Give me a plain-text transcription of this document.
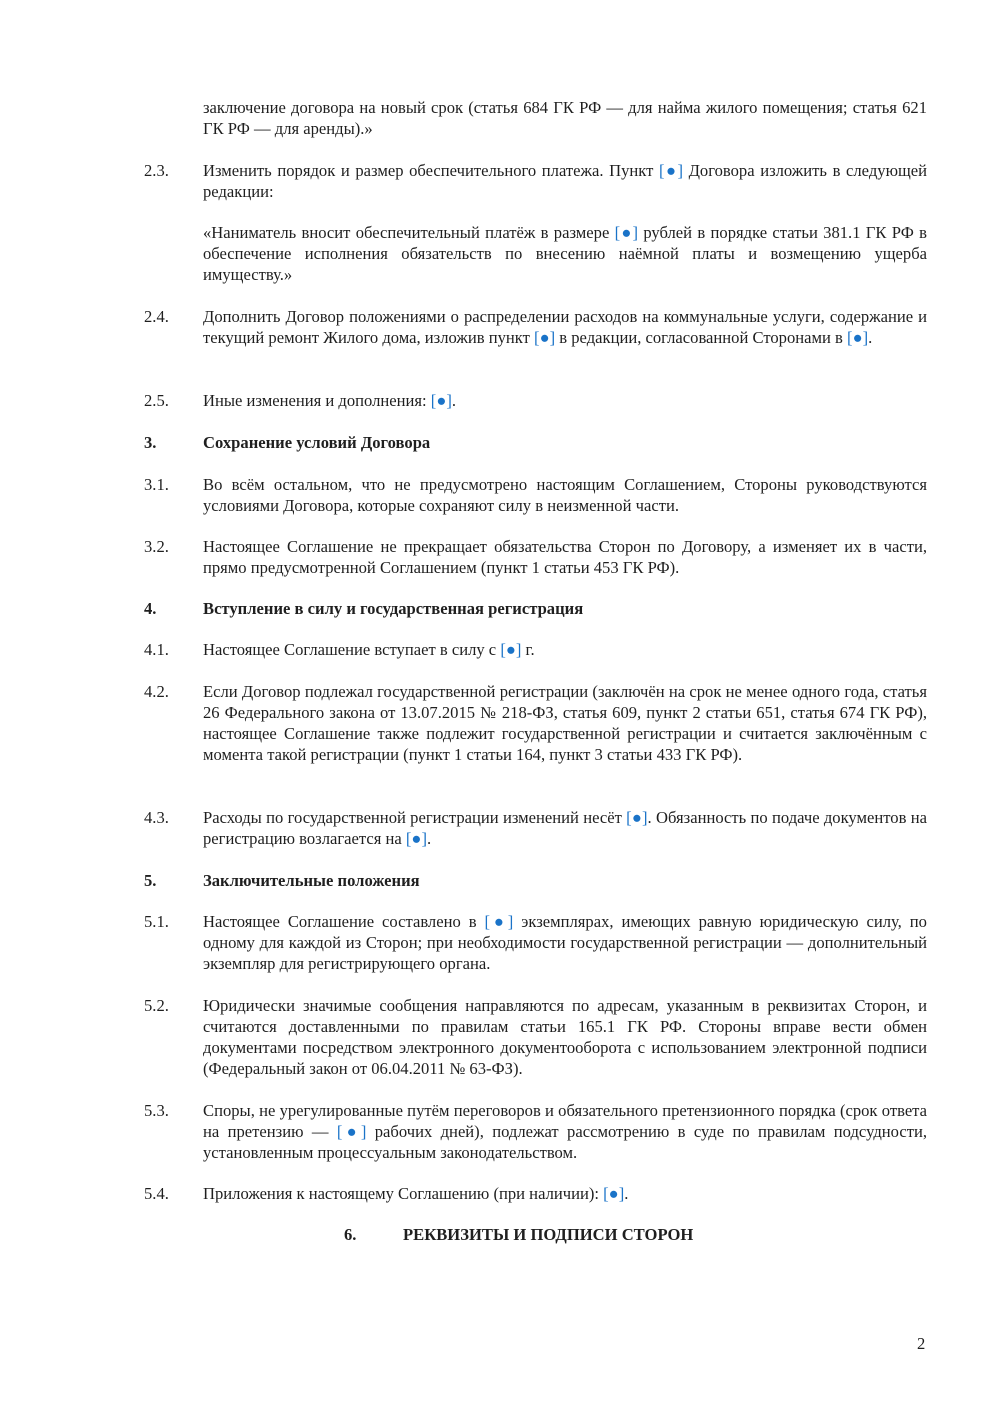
заключение договора на новый срок (статья 684 ГК РФ — для найма жилого помещения; статья 621 ГК РФ — для аренды).»
2.3. Изменить порядок и размер обеспечительного платежа. Пункт [●] Договора изложить в следующей редакции:
«Наниматель вносит обеспечительный платёж в размере [●] рублей в порядке статьи 381.1 ГК РФ в обеспечение исполнения обязательств по внесению наёмной платы и возмещению ущерба имуществу.»
2.4. Дополнить Договор положениями о распределении расходов на коммунальные услуги, содержание и текущий ремонт Жилого дома, изложив пункт [●] в редакции, согласованной Сторонами в [●].
2.5. Иные изменения и дополнения: [●].
3.	Сохранение условий Договора
3.1. Во всём остальном, что не предусмотрено настоящим Соглашением, Стороны руководствуются условиями Договора, которые сохраняют силу в неизменной части.
3.2. Настоящее Соглашение не прекращает обязательства Сторон по Договору, а изменяет их в части, прямо предусмотренной Соглашением (пункт 1 статьи 453 ГК РФ).
4.	Вступление в силу и государственная регистрация
4.1. Настоящее Соглашение вступает в силу с [●] г.
4.2. Если Договор подлежал государственной регистрации (заключён на срок не менее одного года, статья 26 Федерального закона от 13.07.2015 № 218-ФЗ, статья 609, пункт 2 статьи 651, статья 674 ГК РФ), настоящее Соглашение также подлежит государственной регистрации и считается заключённым с момента такой регистрации (пункт 1 статьи 164, пункт 3 статьи 433 ГК РФ).
4.3. Расходы по государственной регистрации изменений несёт [●]. Обязанность по подаче документов на регистрацию возлагается на [●].
5.	Заключительные положения
5.1. Настоящее Соглашение составлено в [●] экземплярах, имеющих равную юридическую силу, по одному для каждой из Сторон; при необходимости государственной регистрации — дополнительный экземпляр для регистрирующего органа.
5.2. Юридически значимые сообщения направляются по адресам, указанным в реквизитах Сторон, и считаются доставленными по правилам статьи 165.1 ГК РФ. Стороны вправе вести обмен документами посредством электронного документооборота с использованием электронной подписи (Федеральный закон от 06.04.2011 № 63-ФЗ).
5.3. Споры, не урегулированные путём переговоров и обязательного претензионного порядка (срок ответа на претензию — [●] рабочих дней), подлежат рассмотрению в суде по правилам подсудности, установленным процессуальным законодательством.
5.4. Приложения к настоящему Соглашению (при наличии): [●].
6.	РЕКВИЗИТЫ И ПОДПИСИ СТОРОН
2
